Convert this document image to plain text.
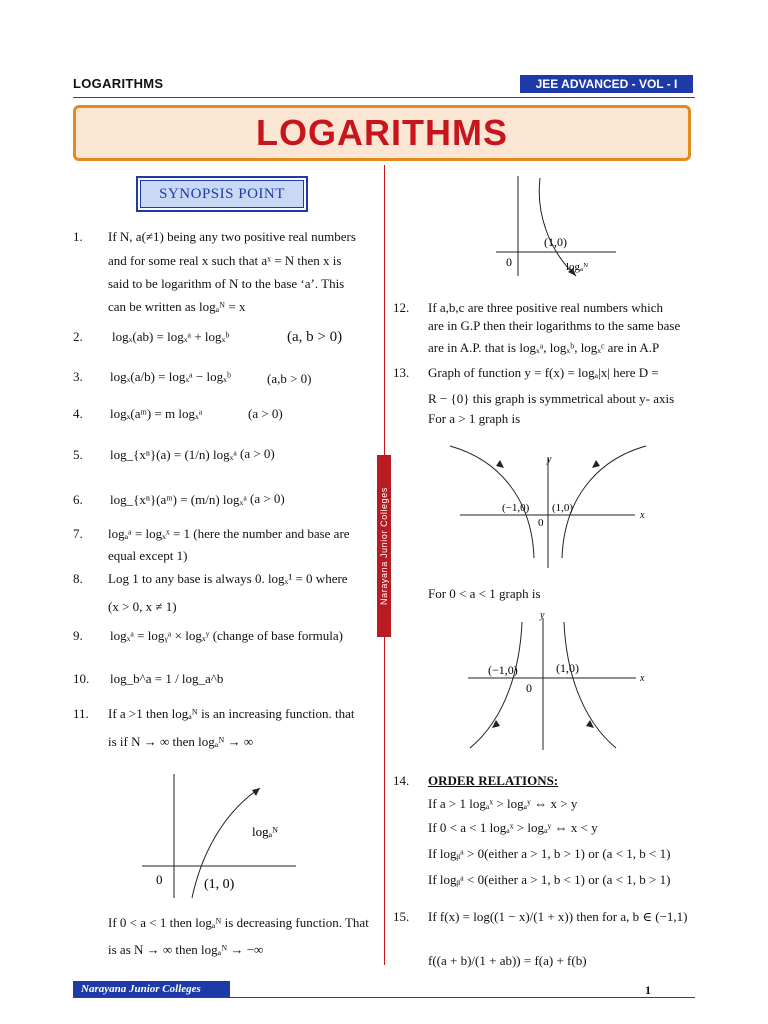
LOGARITHMS	JEE ADVANCED - VOL - I
LOGARITHMS
SYNOPSIS POINT
Narayana Junior Colleges
1. If N, a(≠1) being any two positive real numbers
and for some real x such that aˣ = N then x is
said to be logarithm of N to the base ‘a’. This
can be written as logₐᴺ = x
2. logₓ(ab) = logₓᵃ + logₓᵇ	(a, b > 0)
3. logₓ(a/b) = logₓᵃ − logₓᵇ	(a,b > 0)
4. logₓ(aᵐ) = m logₓᵃ	(a > 0)
5. log_{xⁿ}(a) = (1/n) logₓᵃ (a > 0)
6. log_{xⁿ}(aᵐ) = (m/n) logₓᵃ (a > 0)
7. logₐᵃ = logₓˣ = 1 (here the number and base are
equal except 1)
8. Log 1 to any base is always 0. logₓ¹ = 0 where
(x > 0, x ≠ 1)
9. logₓᵃ = logᵧᵃ × logₓʸ (change of base formula)
10. log_b^a = 1 / log_a^b
11. If a >1 then logₐᴺ is an increasing function. that
is if N → ∞ then logₐᴺ → ∞
0	(1, 0)
logₐᴺ
If 0 < a < 1 then logₐᴺ is decreasing function. That
is as N → ∞ then logₐᴺ → −∞
0
(1,0)
logₐᴺ
12. If a,b,c are three positive real numbers which
are in G.P then their logarithms to the same base
are in A.P. that is logₓᵃ, logₓᵇ, logₓᶜ are in A.P
13. Graph of function y = f(x) = logₐ|x| here D =
R − {0} this graph is symmetrical about y- axis
For a > 1 graph is
y
x
(−1,0) (1,0)
0
For 0 < a < 1 graph is
y
x
(−1,0)	(1,0)
0
14. ORDER RELATIONS:
If a > 1 logₐˣ > logₐʸ ⇔ x > y
If 0 < a < 1 logₐˣ > logₐʸ ⇔ x < y
If logᵦᵃ > 0(either a > 1, b > 1) or (a < 1, b < 1)
If logᵦᵃ < 0(either a > 1, b < 1) or (a < 1, b > 1)
15. If f(x) = log((1 − x)/(1 + x)) then for a, b ∈ (−1,1)
f((a + b)/(1 + ab)) = f(a) + f(b)
Narayana Junior Colleges	1
